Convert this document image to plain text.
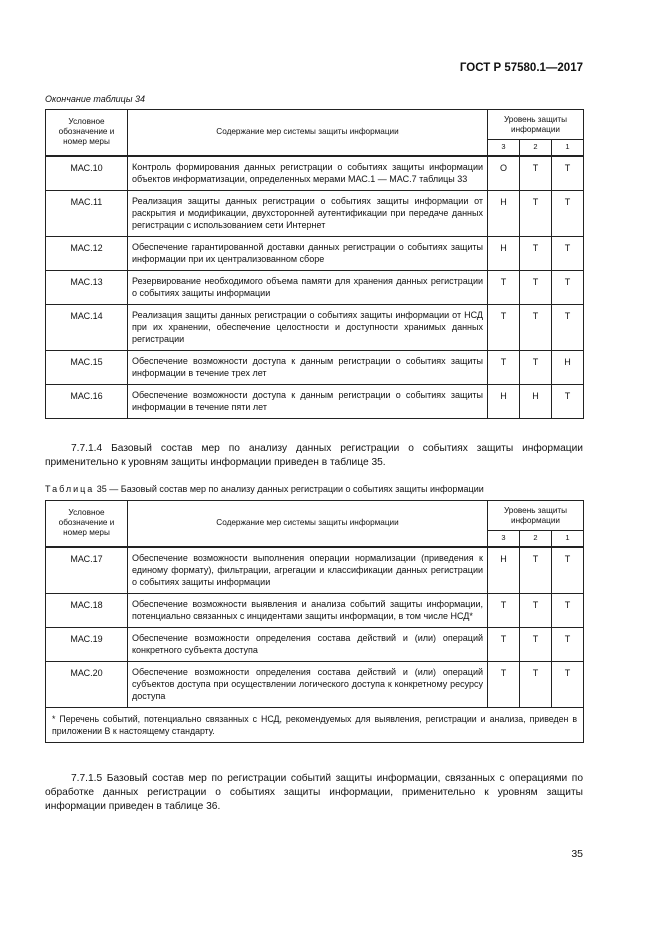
ГОСТ Р 57580.1—2017
Окончание таблицы 34
Условное обозначение и номер меры	Содержание мер системы защиты информации	Уровень защиты информации		
		3	2	1
МАС.10	Контроль формирования данных регистрации о событиях защиты информации объектов информатизации, определенных мерами МАС.1 — МАС.7 таблицы 33	О	Т	Т
МАС.11	Реализация защиты данных регистрации о событиях защиты информации от раскрытия и модификации, двухсторонней аутентификации при передаче данных регистрации с использованием сети Интернет	Н	Т	Т
МАС.12	Обеспечение гарантированной доставки данных регистрации о событиях защиты информации при их централизованном сборе	Н	Т	Т
МАС.13	Резервирование необходимого объема памяти для хранения данных регистрации о событиях защиты информации	Т	Т	Т
МАС.14	Реализация защиты данных регистрации о событиях защиты информации от НСД при их хранении, обеспечение целостности и доступности хранимых данных регистрации	Т	Т	Т
МАС.15	Обеспечение возможности доступа к данным регистрации о событиях защиты информации в течение трех лет	Т	Т	Н
МАС.16	Обеспечение возможности доступа к данным регистрации о событиях защиты информации в течение пяти лет	Н	Н	Т
7.7.1.4 Базовый состав мер по анализу данных регистрации о событиях защиты информации применительно к уровням защиты информации приведен в таблице 35.
Таблица 35 — Базовый состав мер по анализу данных регистрации о событиях защиты информации
Условное обозначение и номер меры	Содержание мер системы защиты информации	Уровень защиты информации		
		3	2	1
МАС.17	Обеспечение возможности выполнения операции нормализации (приведения к единому формату), фильтрации, агрегации и классификации данных регистрации о событиях защиты информации	Н	Т	Т
МАС.18	Обеспечение возможности выявления и анализа событий защиты информации, потенциально связанных с инцидентами защиты информации, в том числе НСД*	Т	Т	Т
МАС.19	Обеспечение возможности определения состава действий и (или) операций конкретного субъекта доступа	Т	Т	Т
МАС.20	Обеспечение возможности определения состава действий и (или) операций субъектов доступа при осуществлении логического доступа к конкретному ресурсу доступа	Т	Т	Т
* Перечень событий, потенциально связанных с НСД, рекомендуемых для выявления, регистрации и анализа, приведен в приложении В к настоящему стандарту.				
7.7.1.5 Базовый состав мер по регистрации событий защиты информации, связанных с операциями по обработке данных регистрации о событиях защиты информации, применительно к уровням защиты информации приведен в таблице 36.
35
